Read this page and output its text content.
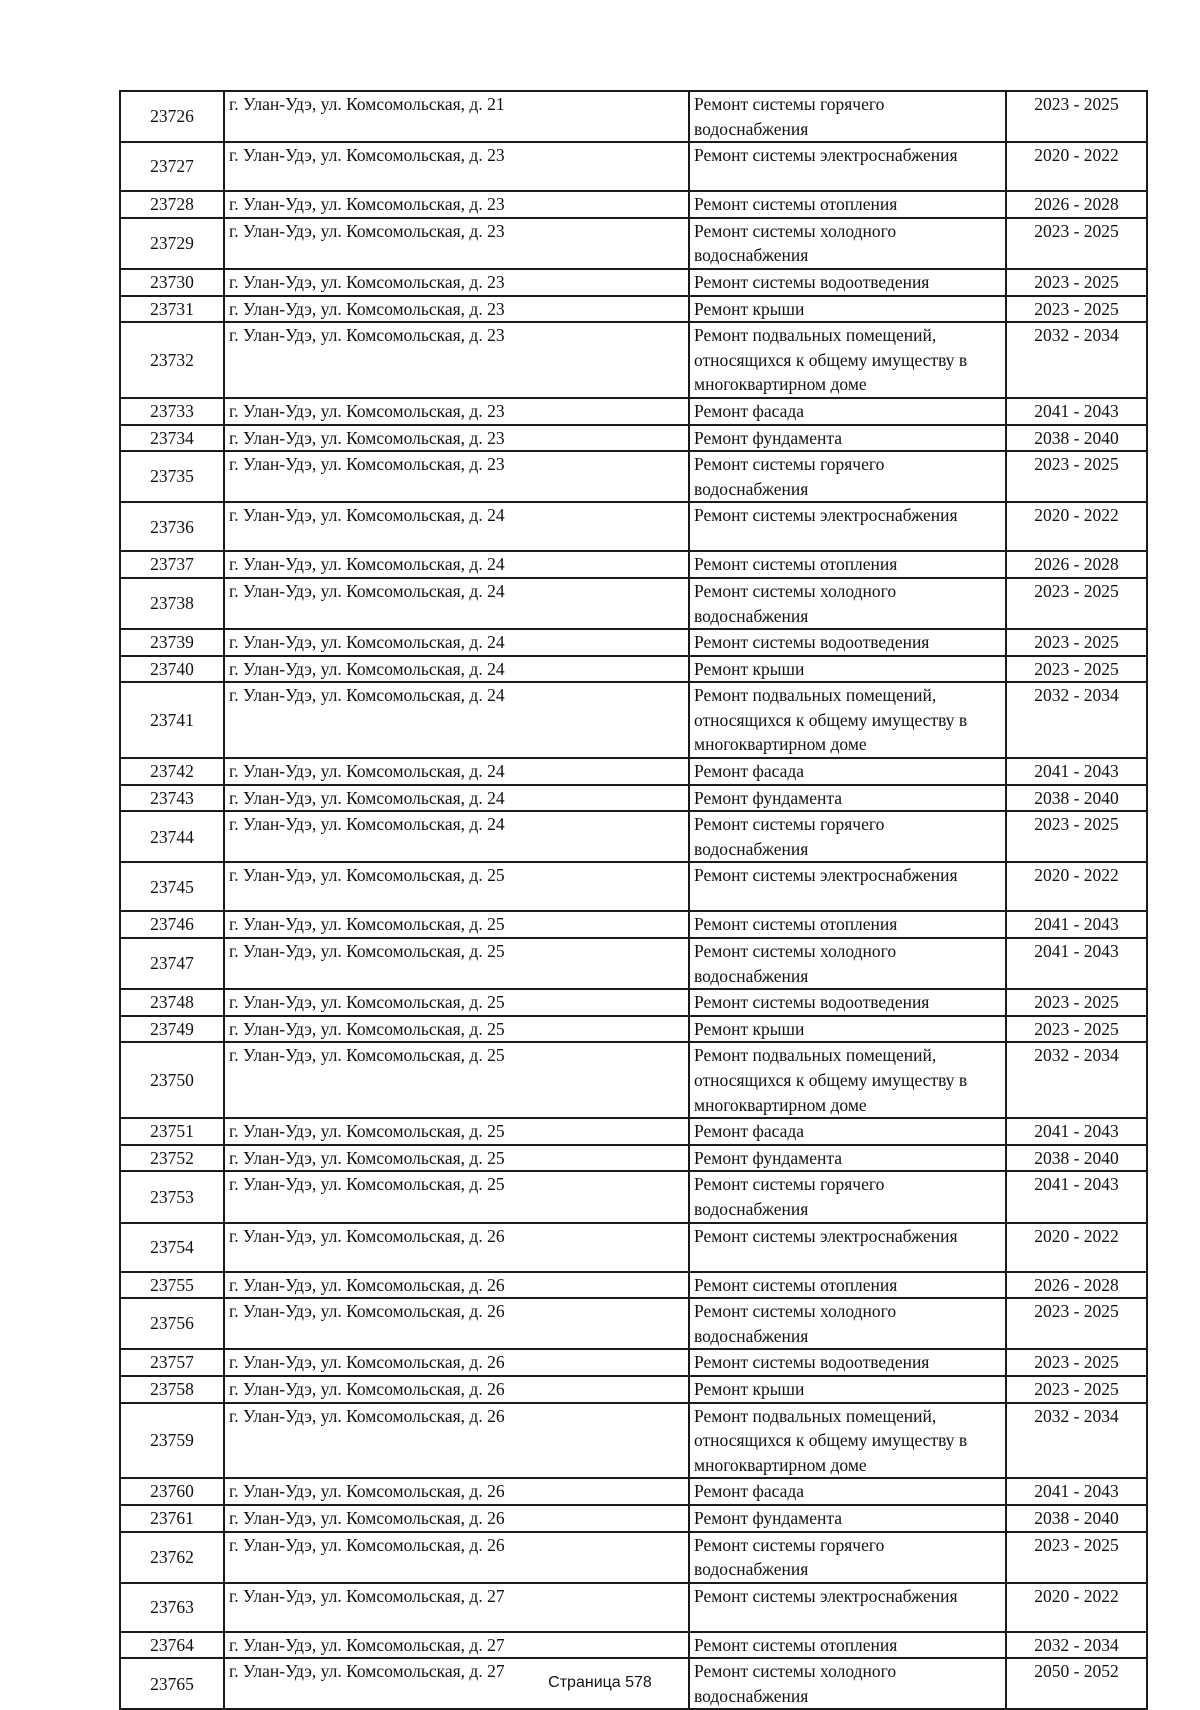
23726	г. Улан-Удэ, ул. Комсомольская, д. 21	Ремонт системы горячего водоснабжения	2023 - 2025
23727	г. Улан-Удэ, ул. Комсомольская, д. 23	Ремонт системы электроснабжения	2020 - 2022
23728	г. Улан-Удэ, ул. Комсомольская, д. 23	Ремонт системы отопления	2026 - 2028
23729	г. Улан-Удэ, ул. Комсомольская, д. 23	Ремонт системы холодного водоснабжения	2023 - 2025
23730	г. Улан-Удэ, ул. Комсомольская, д. 23	Ремонт системы водоотведения	2023 - 2025
23731	г. Улан-Удэ, ул. Комсомольская, д. 23	Ремонт крыши	2023 - 2025
23732	г. Улан-Удэ, ул. Комсомольская, д. 23	Ремонт подвальных помещений, относящихся к общему имуществу в многоквартирном доме	2032 - 2034
23733	г. Улан-Удэ, ул. Комсомольская, д. 23	Ремонт фасада	2041 - 2043
23734	г. Улан-Удэ, ул. Комсомольская, д. 23	Ремонт фундамента	2038 - 2040
23735	г. Улан-Удэ, ул. Комсомольская, д. 23	Ремонт системы горячего водоснабжения	2023 - 2025
23736	г. Улан-Удэ, ул. Комсомольская, д. 24	Ремонт системы электроснабжения	2020 - 2022
23737	г. Улан-Удэ, ул. Комсомольская, д. 24	Ремонт системы отопления	2026 - 2028
23738	г. Улан-Удэ, ул. Комсомольская, д. 24	Ремонт системы холодного водоснабжения	2023 - 2025
23739	г. Улан-Удэ, ул. Комсомольская, д. 24	Ремонт системы водоотведения	2023 - 2025
23740	г. Улан-Удэ, ул. Комсомольская, д. 24	Ремонт крыши	2023 - 2025
23741	г. Улан-Удэ, ул. Комсомольская, д. 24	Ремонт подвальных помещений, относящихся к общему имуществу в многоквартирном доме	2032 - 2034
23742	г. Улан-Удэ, ул. Комсомольская, д. 24	Ремонт фасада	2041 - 2043
23743	г. Улан-Удэ, ул. Комсомольская, д. 24	Ремонт фундамента	2038 - 2040
23744	г. Улан-Удэ, ул. Комсомольская, д. 24	Ремонт системы горячего водоснабжения	2023 - 2025
23745	г. Улан-Удэ, ул. Комсомольская, д. 25	Ремонт системы электроснабжения	2020 - 2022
23746	г. Улан-Удэ, ул. Комсомольская, д. 25	Ремонт системы отопления	2041 - 2043
23747	г. Улан-Удэ, ул. Комсомольская, д. 25	Ремонт системы холодного водоснабжения	2041 - 2043
23748	г. Улан-Удэ, ул. Комсомольская, д. 25	Ремонт системы водоотведения	2023 - 2025
23749	г. Улан-Удэ, ул. Комсомольская, д. 25	Ремонт крыши	2023 - 2025
23750	г. Улан-Удэ, ул. Комсомольская, д. 25	Ремонт подвальных помещений, относящихся к общему имуществу в многоквартирном доме	2032 - 2034
23751	г. Улан-Удэ, ул. Комсомольская, д. 25	Ремонт фасада	2041 - 2043
23752	г. Улан-Удэ, ул. Комсомольская, д. 25	Ремонт фундамента	2038 - 2040
23753	г. Улан-Удэ, ул. Комсомольская, д. 25	Ремонт системы горячего водоснабжения	2041 - 2043
23754	г. Улан-Удэ, ул. Комсомольская, д. 26	Ремонт системы электроснабжения	2020 - 2022
23755	г. Улан-Удэ, ул. Комсомольская, д. 26	Ремонт системы отопления	2026 - 2028
23756	г. Улан-Удэ, ул. Комсомольская, д. 26	Ремонт системы холодного водоснабжения	2023 - 2025
23757	г. Улан-Удэ, ул. Комсомольская, д. 26	Ремонт системы водоотведения	2023 - 2025
23758	г. Улан-Удэ, ул. Комсомольская, д. 26	Ремонт крыши	2023 - 2025
23759	г. Улан-Удэ, ул. Комсомольская, д. 26	Ремонт подвальных помещений, относящихся к общему имуществу в многоквартирном доме	2032 - 2034
23760	г. Улан-Удэ, ул. Комсомольская, д. 26	Ремонт фасада	2041 - 2043
23761	г. Улан-Удэ, ул. Комсомольская, д. 26	Ремонт фундамента	2038 - 2040
23762	г. Улан-Удэ, ул. Комсомольская, д. 26	Ремонт системы горячего водоснабжения	2023 - 2025
23763	г. Улан-Удэ, ул. Комсомольская, д. 27	Ремонт системы электроснабжения	2020 - 2022
23764	г. Улан-Удэ, ул. Комсомольская, д. 27	Ремонт системы отопления	2032 - 2034
23765	г. Улан-Удэ, ул. Комсомольская, д. 27	Ремонт системы холодного водоснабжения	2050 - 2052
Страница 578
